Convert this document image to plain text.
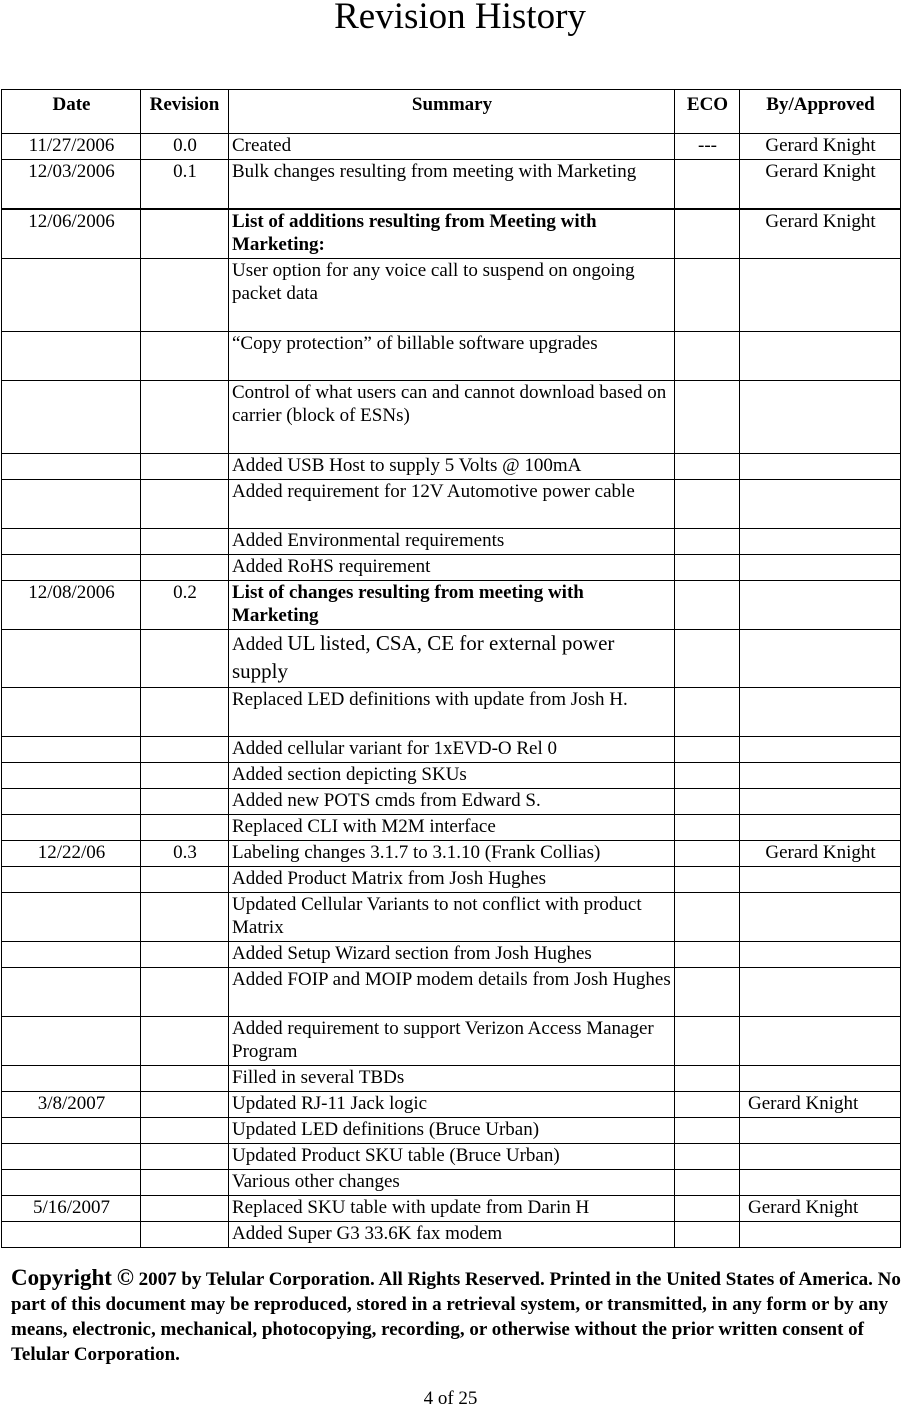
Revision History
Date	Revision	Summary	ECO	By/Approved
11/27/2006	0.0	Created	---	Gerard Knight
12/03/2006	0.1	Bulk changes resulting from meeting with Marketing		Gerard Knight
12/06/2006		List of additions resulting from Meeting with Marketing:		Gerard Knight
		User option for any voice call to suspend on ongoing packet data		
		“Copy protection” of billable software upgrades		
		Control of what users can and cannot download based on carrier (block of ESNs)		
		Added USB Host to supply 5 Volts @ 100mA		
		Added requirement for 12V Automotive power cable		
		Added Environmental requirements		
		Added RoHS requirement		
12/08/2006	0.2	List of changes resulting from meeting with Marketing		
		Added UL listed, CSA, CE for external power supply		
		Replaced LED definitions with update from Josh H.		
		Added cellular variant for 1xEVD-O Rel 0		
		Added section depicting SKUs		
		Added new POTS cmds from Edward S.		
		Replaced CLI with M2M interface		
12/22/06	0.3	Labeling changes 3.1.7 to 3.1.10 (Frank Collias)		Gerard Knight
		Added Product Matrix from Josh Hughes		
		Updated Cellular Variants to not conflict with product Matrix		
		Added Setup Wizard section from Josh Hughes		
		Added FOIP and MOIP modem details from Josh Hughes		
		Added requirement to support Verizon Access Manager Program		
		Filled in several TBDs		
3/8/2007		Updated RJ-11 Jack logic		Gerard Knight
		Updated LED definitions (Bruce Urban)		
		Updated Product SKU table (Bruce Urban)		
		Various other changes		
5/16/2007		Replaced SKU table with update from Darin H		Gerard Knight
		Added Super G3 33.6K fax modem		
Copyright © 2007 by Telular Corporation. All Rights Reserved. Printed in the United States of America. No part of this document may be reproduced, stored in a retrieval system, or transmitted, in any form or by any means, electronic, mechanical, photocopying, recording, or otherwise without the prior written consent of Telular Corporation.
4 of 25
